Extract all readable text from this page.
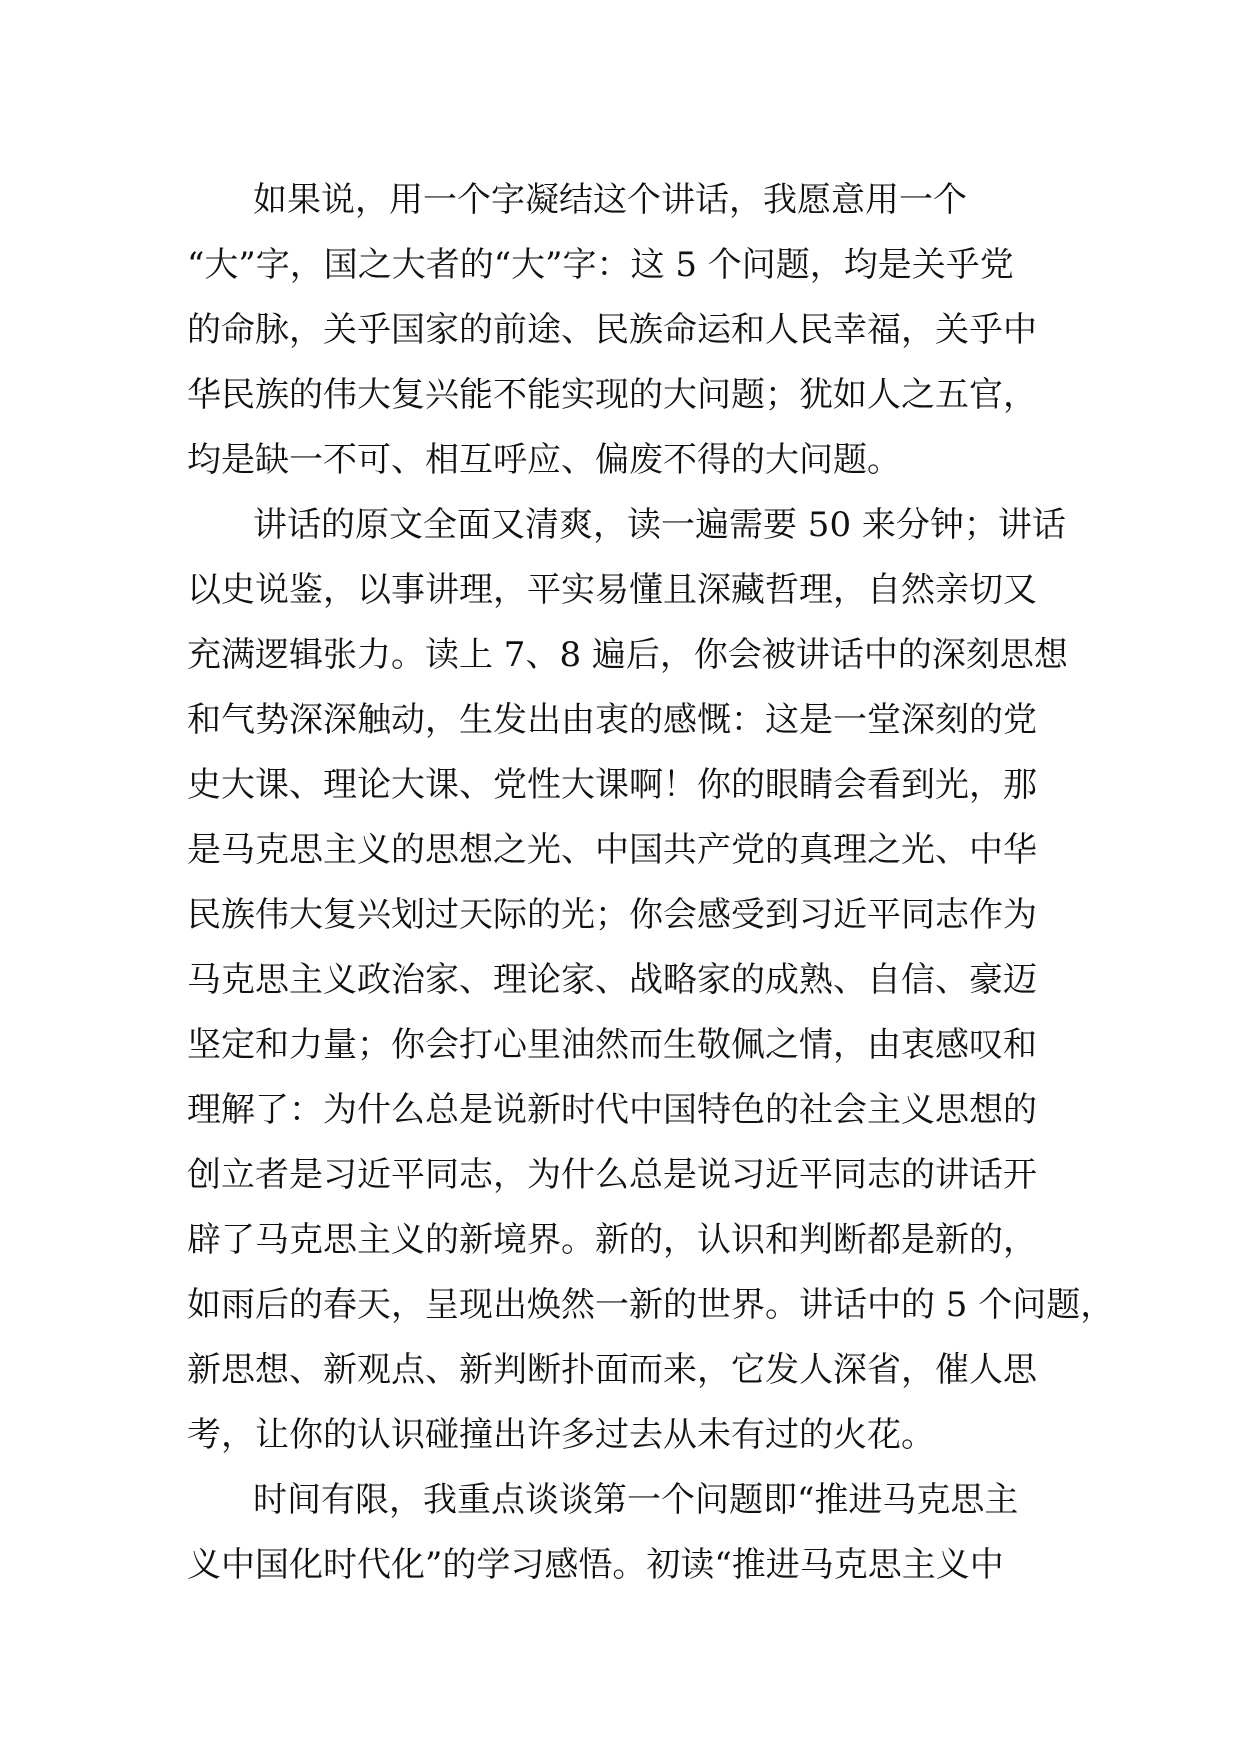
如果说，用一个字凝结这个讲话，我愿意用一个
“大”字，国之大者的“大”字：这 5 个问题，均是关乎党
的命脉，关乎国家的前途、民族命运和人民幸福，关乎中
华民族的伟大复兴能不能实现的大问题；犹如人之五官，
均是缺一不可、相互呼应、偏废不得的大问题。
讲话的原文全面又清爽，读一遍需要 50 来分钟；讲话
以史说鉴，以事讲理，平实易懂且深藏哲理，自然亲切又
充满逻辑张力。读上 7、8 遍后，你会被讲话中的深刻思想
和气势深深触动，生发出由衷的感慨：这是一堂深刻的党
史大课、理论大课、党性大课啊！你的眼睛会看到光，那
是马克思主义的思想之光、中国共产党的真理之光、中华
民族伟大复兴划过天际的光；你会感受到习近平同志作为
马克思主义政治家、理论家、战略家的成熟、自信、豪迈
坚定和力量；你会打心里油然而生敬佩之情，由衷感叹和
理解了：为什么总是说新时代中国特色的社会主义思想的
创立者是习近平同志，为什么总是说习近平同志的讲话开
辟了马克思主义的新境界。新的，认识和判断都是新的，
如雨后的春天，呈现出焕然一新的世界。讲话中的 5 个问题，
新思想、新观点、新判断扑面而来，它发人深省，催人思
考，让你的认识碰撞出许多过去从未有过的火花。
时间有限，我重点谈谈第一个问题即“推进马克思主
义中国化时代化”的学习感悟。初读“推进马克思主义中
